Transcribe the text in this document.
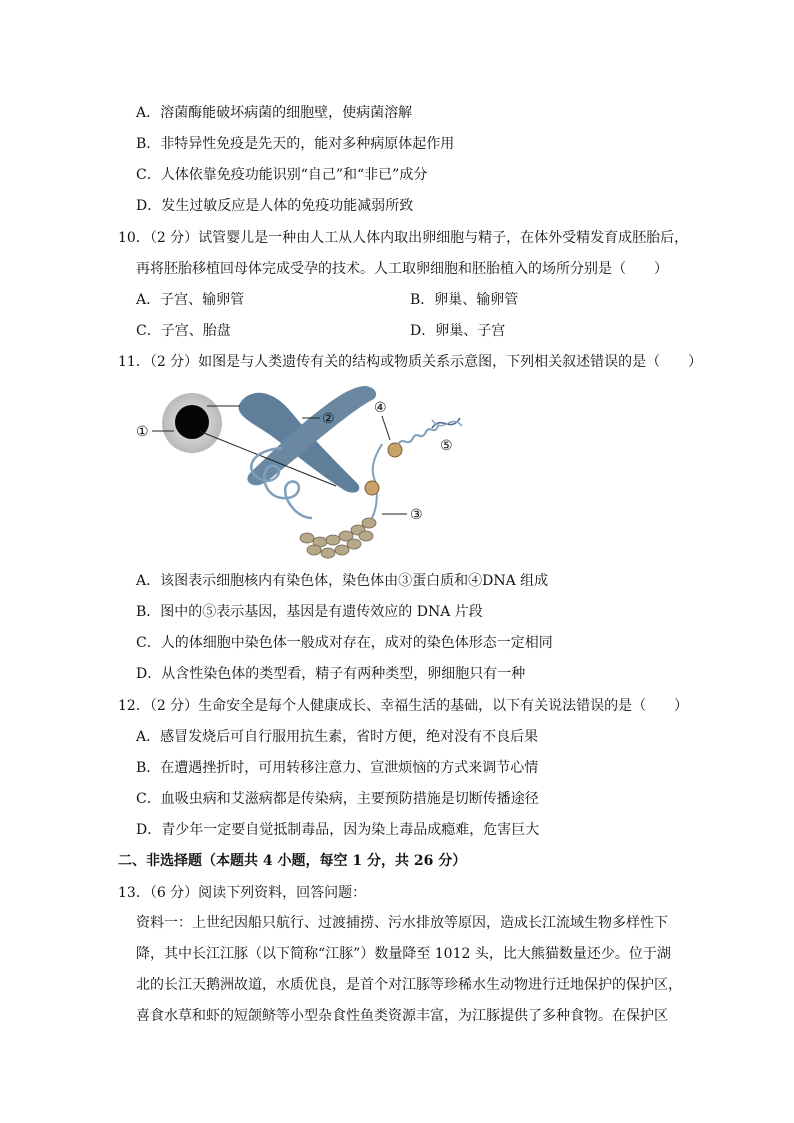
A．溶菌酶能破坏病菌的细胞壁，使病菌溶解
B．非特异性免疫是先天的，能对多种病原体起作用
C．人体依靠免疫功能识别“自己”和“非已”成分
D．发生过敏反应是人体的免疫功能减弱所致
10．（2 分）试管婴儿是一种由人工从人体内取出卵细胞与精子，在体外受精发育成胚胎后，
再将胚胎移植回母体完成受孕的技术。人工取卵细胞和胚胎植入的场所分别是（　　）
A．子宫、输卵管	B．卵巢、输卵管
C．子宫、胎盘	D．卵巢、子宫
11．（2 分）如图是与人类遗传有关的结构或物质关系示意图，下列相关叙述错误的是（　　）
①
②
④
⑤
③
A．该图表示细胞核内有染色体，染色体由③蛋白质和④DNA 组成
B．图中的⑤表示基因，基因是有遗传效应的 DNA 片段
C．人的体细胞中染色体一般成对存在，成对的染色体形态一定相同
D．从含性染色体的类型看，精子有两种类型，卵细胞只有一种
12．（2 分）生命安全是每个人健康成长、幸福生活的基础，以下有关说法错误的是（　　）
A．感冒发烧后可自行服用抗生素，省时方便，绝对没有不良后果
B．在遭遇挫折时，可用转移注意力、宣泄烦恼的方式来调节心情
C．血吸虫病和艾滋病都是传染病，主要预防措施是切断传播途径
D．青少年一定要自觉抵制毒品，因为染上毒品成瘾难，危害巨大
二、非选择题（本题共 4 小题，每空 1 分，共 26 分）
13．（6 分）阅读下列资料，回答问题：
资料一：上世纪因船只航行、过渡捕捞、污水排放等原因，造成长江流域生物多样性下
降，其中长江江豚（以下简称“江豚”）数量降至 1012 头，比大熊猫数量还少。位于湖
北的长江天鹅洲故道，水质优良，是首个对江豚等珍稀水生动物进行迁地保护的保护区，
喜食水草和虾的短颌鲚等小型杂食性鱼类资源丰富，为江豚提供了多种食物。在保护区
